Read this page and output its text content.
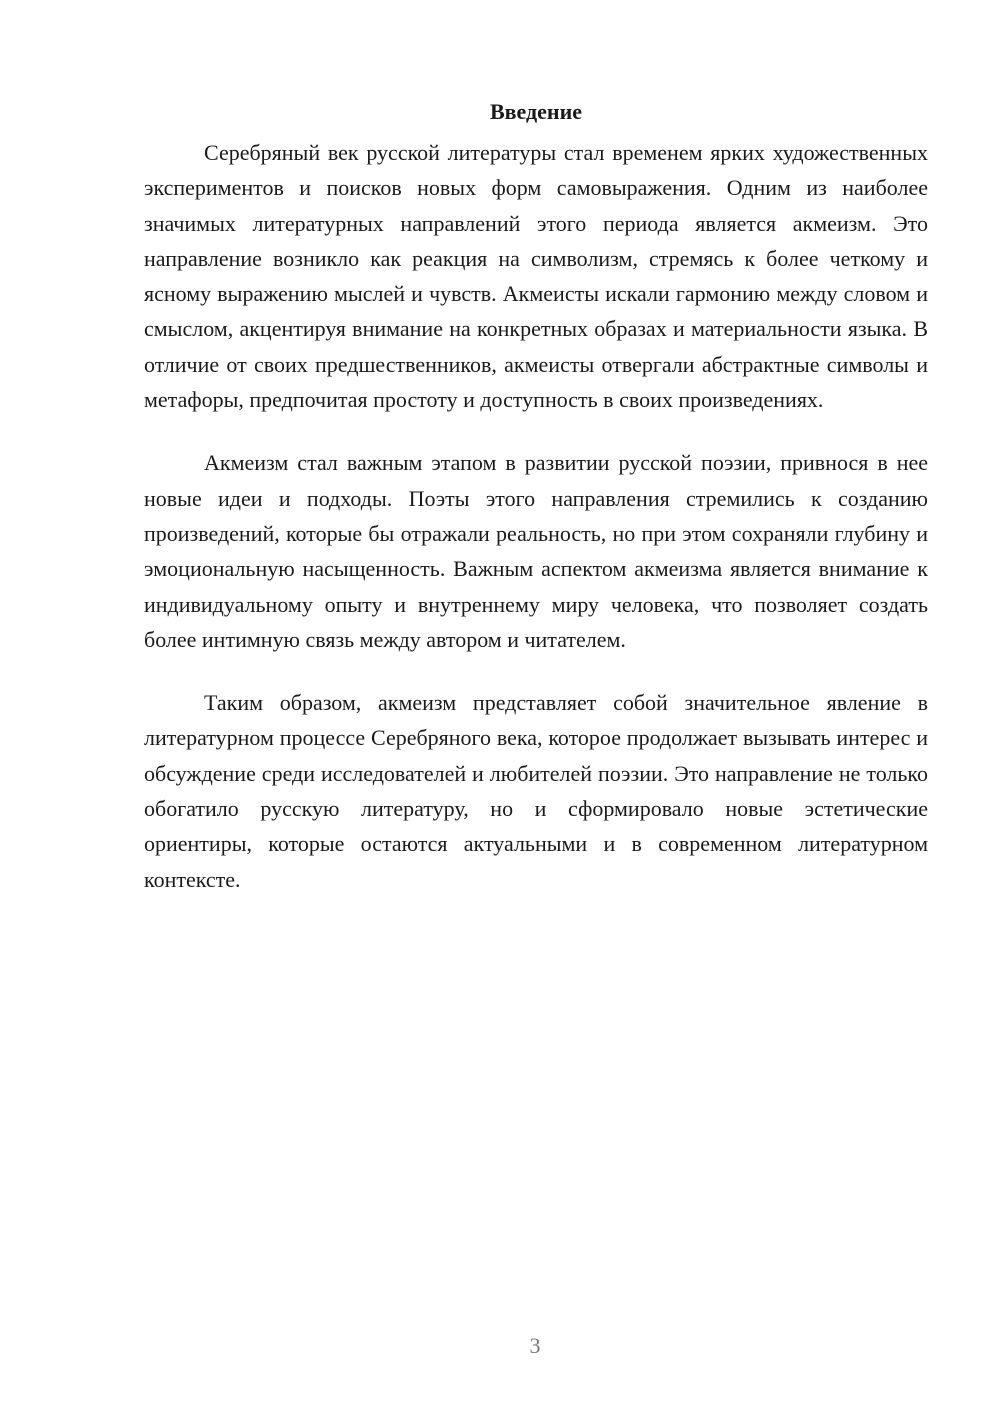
Введение

Серебряный век русской литературы стал временем ярких художественных экспериментов и поисков новых форм самовыражения. Одним из наиболее значимых литературных направлений этого периода является акмеизм. Это направление возникло как реакция на символизм, стремясь к более четкому и ясному выражению мыслей и чувств. Акмеисты искали гармонию между словом и смыслом, акцентируя внимание на конкретных образах и материальности языка. В отличие от своих предшественников, акмеисты отвергали абстрактные символы и метафоры, предпочитая простоту и доступность в своих произведениях.

Акмеизм стал важным этапом в развитии русской поэзии, привнося в нее новые идеи и подходы. Поэты этого направления стремились к созданию произведений, которые бы отражали реальность, но при этом сохраняли глубину и эмоциональную насыщенность. Важным аспектом акмеизма является внимание к индивидуальному опыту и внутреннему миру человека, что позволяет создать более интимную связь между автором и читателем.

Таким образом, акмеизм представляет собой значительное явление в литературном процессе Серебряного века, которое продолжает вызывать интерес и обсуждение среди исследователей и любителей поэзии. Это направление не только обогатило русскую литературу, но и сформировало новые эстетические ориентиры, которые остаются актуальными и в современном литературном контексте.

3
